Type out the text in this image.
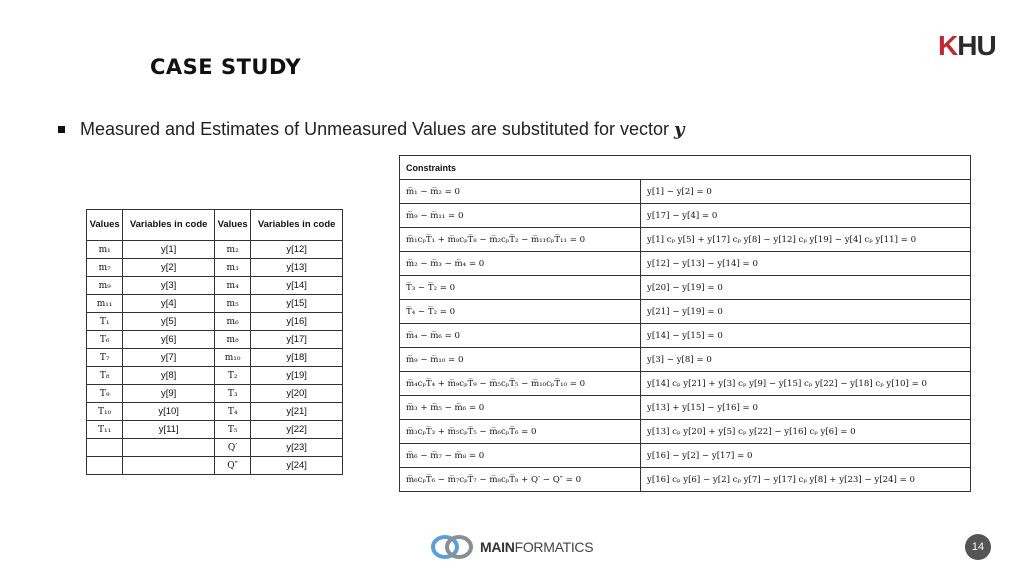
CASE STUDY
KHU
Measured and Estimates of Unmeasured Values are substituted for vector y
Values	Variables in code	Values	Variables in code
m₁	y[1]	m₂	y[12]
m₇	y[2]	m₃	y[13]
m₉	y[3]	m₄	y[14]
m₁₁	y[4]	m₅	y[15]
T₁	y[5]	m₆	y[16]
T₆	y[6]	m₈	y[17]
T₇	y[7]	m₁₀	y[18]
T₈	y[8]	T₂	y[19]
T₉	y[9]	T₃	y[20]
T₁₀	y[10]	T₄	y[21]
T₁₁	y[11]	T₅	y[22]
		Q′	y[23]
		Q″	y[24]
Constraints	
m̅₁ − m̅₂ = 0	y[1] − y[2] = 0
m̅₉ − m̅₁₁ = 0	y[17] − y[4] = 0
m̅₁cₚT̅₁ + m̅₈cₚT̅₈ − m̅₂cₚT̅₂ − m̅₁₁cₚT̅₁₁ = 0	y[1] cₚ y[5] + y[17] cₚ y[8] − y[12] cₚ y[19] − y[4] cₚ y[11] = 0
m̅₂ − m̅₃ − m̅₄ = 0	y[12] − y[13] − y[14] = 0
T̅₃ − T̅₂ = 0	y[20] − y[19] = 0
T̅₄ − T̅₂ = 0	y[21] − y[19] = 0
m̅₄ − m̅₆ = 0	y[14] − y[15] = 0
m̅₉ − m̅₁₀ = 0	y[3] − y[8] = 0
m̅₄cₚT̅₄ + m̅₉cₚT̅₉ − m̅₅cₚT̅₅ − m̅₁₀cₚT̅₁₀ = 0	y[14] cₚ y[21] + y[3] cₚ y[9] − y[15] cₚ y[22] − y[18] cₚ y[10] = 0
m̅₃ + m̅₅ − m̅₆ = 0	y[13] + y[15] − y[16] = 0
m̅₃cₚT̅₃ + m̅₅cₚT̅₅ − m̅₆cₚT̅₆ = 0	y[13] cₚ y[20] + y[5] cₚ y[22] − y[16] cₚ y[6] = 0
m̅₆ − m̅₇ − m̅₈ = 0	y[16] − y[2] − y[17] = 0
m̅₆cₚT̅₆ − m̅₇cₚT̅₇ − m̅₈cₚT̅₈ + Q′ − Q″ = 0	y[16] cₚ y[6] − y[2] cₚ y[7] − y[17] cₚ y[8] + y[23] − y[24] = 0
MAINFORMATICS	14
